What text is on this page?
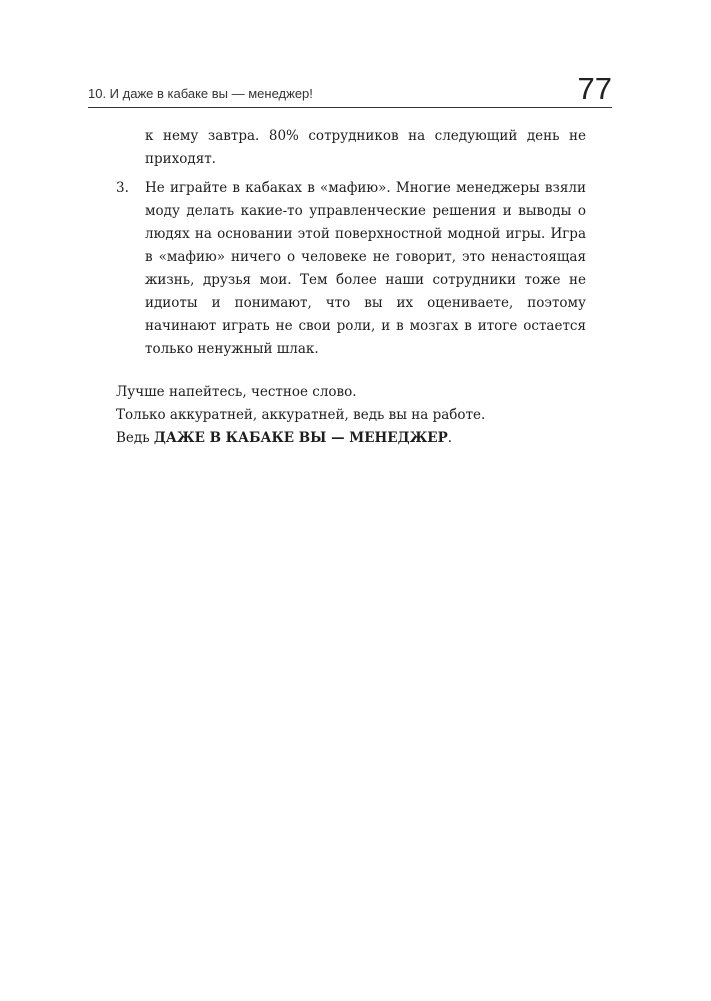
10. И даже в кабаке вы — менеджер!	77

к нему завтра. 80% сотрудников на следующий день не приходят.

3. Не играйте в кабаках в «мафию». Многие менеджеры взяли моду делать какие-то управленческие решения и выводы о людях на основании этой поверхностной модной игры. Игра в «мафию» ничего о человеке не говорит, это ненастоящая жизнь, друзья мои. Тем более наши сотрудники тоже не идиоты и понимают, что вы их оцениваете, поэтому начинают играть не свои роли, и в мозгах в итоге остается только ненужный шлак.
Лучше напейтесь, честное слово.
Только аккуратней, аккуратней, ведь вы на работе.
Ведь ДАЖЕ В КАБАКЕ ВЫ — МЕНЕДЖЕР.
